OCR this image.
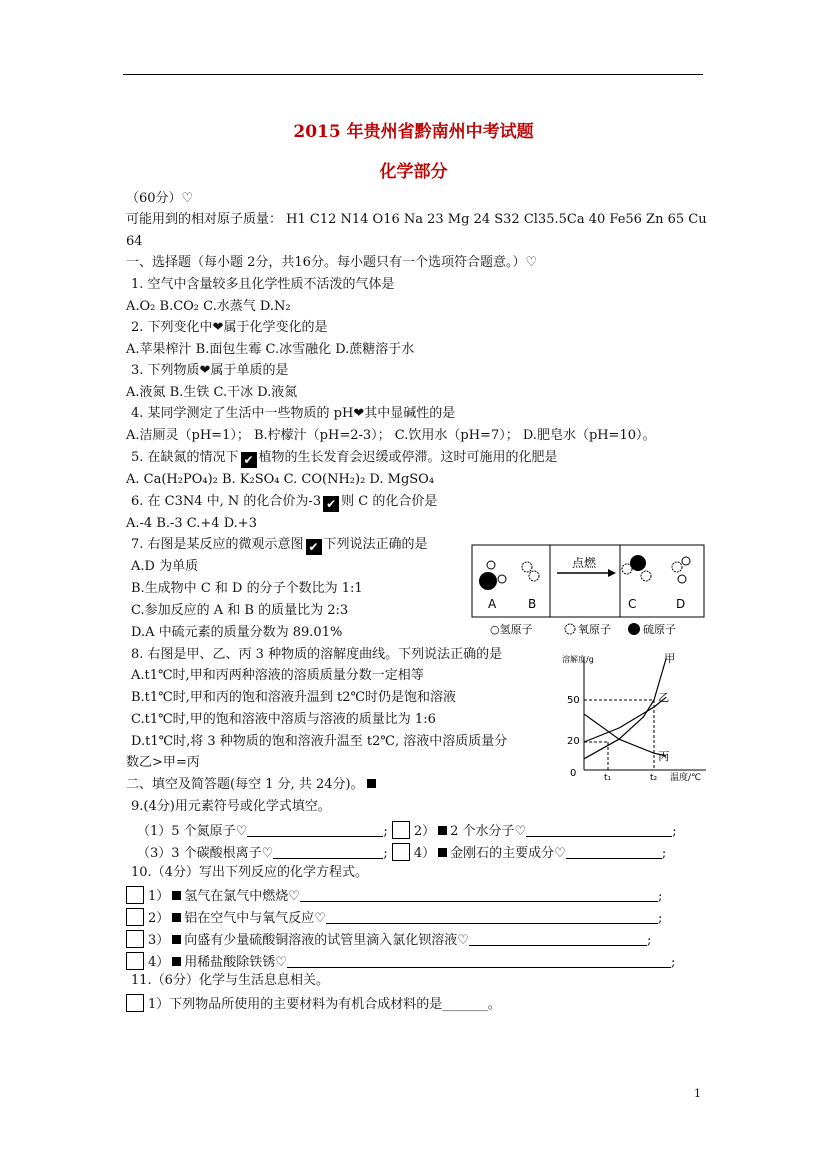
2015 年贵州省黔南州中考试题
化学部分
（60分）♡
可能用到的相对原子质量： H1 C12 N14 O16 Na 23 Mg 24 S32 Cl35.5Ca 40 Fe56 Zn 65 Cu
64
一、选择题（每小题 2分，共16分。每小题只有一个选项符合题意。）♡
1. 空气中含量较多且化学性质不活泼的气体是
A.O₂ B.CO₂ C.水蒸气 D.N₂
2. 下列变化中❤属于化学变化的是
A.苹果榨汁 B.面包生霉 C.冰雪融化 D.蔗糖溶于水
3. 下列物质❤属于单质的是
A.液氮 B.生铁 C.干冰 D.液氮
4. 某同学测定了生活中一些物质的 pH❤其中显碱性的是
A.洁厕灵（pH=1）； B.柠檬汁（pH=2-3）； C.饮用水（pH=7）； D.肥皂水（pH=10）。
5. 在缺氮的情况下 ✔ 植物的生长发育会迟缓或停滞。这时可施用的化肥是
A. Ca(H₂PO₄)₂ B. K₂SO₄ C. CO(NH₂)₂ D. MgSO₄
6. 在 C3N4 中, N 的化合价为-3 ✔ 则 C 的化合价是
A.-4 B.-3 C.+4 D.+3
7. 右图是某反应的微观示意图 ✔ 下列说法正确的是
A.D 为单质
B.生成物中 C 和 D 的分子个数比为 1:1
C.参加反应的 A 和 B 的质量比为 2:3
D.A 中硫元素的质量分数为 89.01%
点燃
A	B	C	D
○氢原子	氧原子	硫原子
8. 右图是甲、乙、丙 3 种物质的溶解度曲线。下列说法正确的是
A.t1℃时,甲和丙两种溶液的溶质质量分数一定相等
B.t1℃时,甲和丙的饱和溶液升温到 t2℃时仍是饱和溶液
C.t1℃时,甲的饱和溶液中溶质与溶液的质量比为 1:6
D.t1℃时,将 3 种物质的饱和溶液升温至 t2℃, 溶液中溶质质量分
数乙>甲=丙
溶解度/g
温度/℃
50
20
0	t₁	t₂
甲
乙
丙
二、填空及简答题(每空 1 分, 共 24分)。
9.(4分)用元素符号或化学式填空。
（1）5 个氮原子♡	; 2） 2 个水分子♡	;
（3）3 个碳酸根离子♡	; 4） 金刚石的主要成分♡	;
10.（4分）写出下列反应的化学方程式。
1） 氢气在氯气中燃烧♡	;
2） 铝在空气中与氧气反应♡	;
3） 向盛有少量硫酸铜溶液的试管里滴入氯化钡溶液♡	;
4） 用稀盐酸除铁锈♡	;
11.（6分）化学与生活息息相关。
1）下列物品所使用的主要材料为有机合成材料的是_______。
1
